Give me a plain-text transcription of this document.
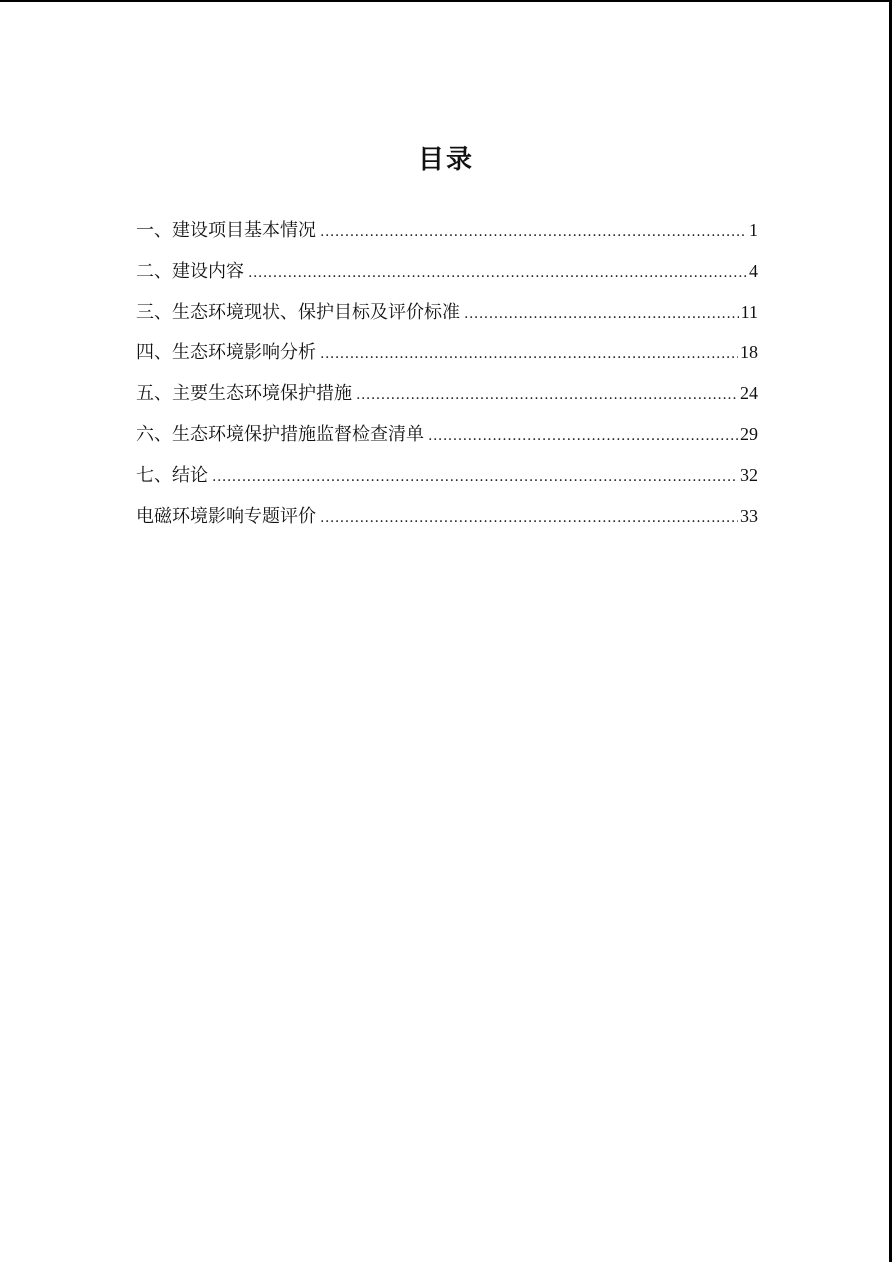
目录
一、建设项目基本情况 .....	1
二、建设内容 .....	4
三、生态环境现状、保护目标及评价标准 .....	11
四、生态环境影响分析 .....	18
五、主要生态环境保护措施 .....	24
六、生态环境保护措施监督检查清单 .....	29
七、结论 .....	32
电磁环境影响专题评价 .....	33
